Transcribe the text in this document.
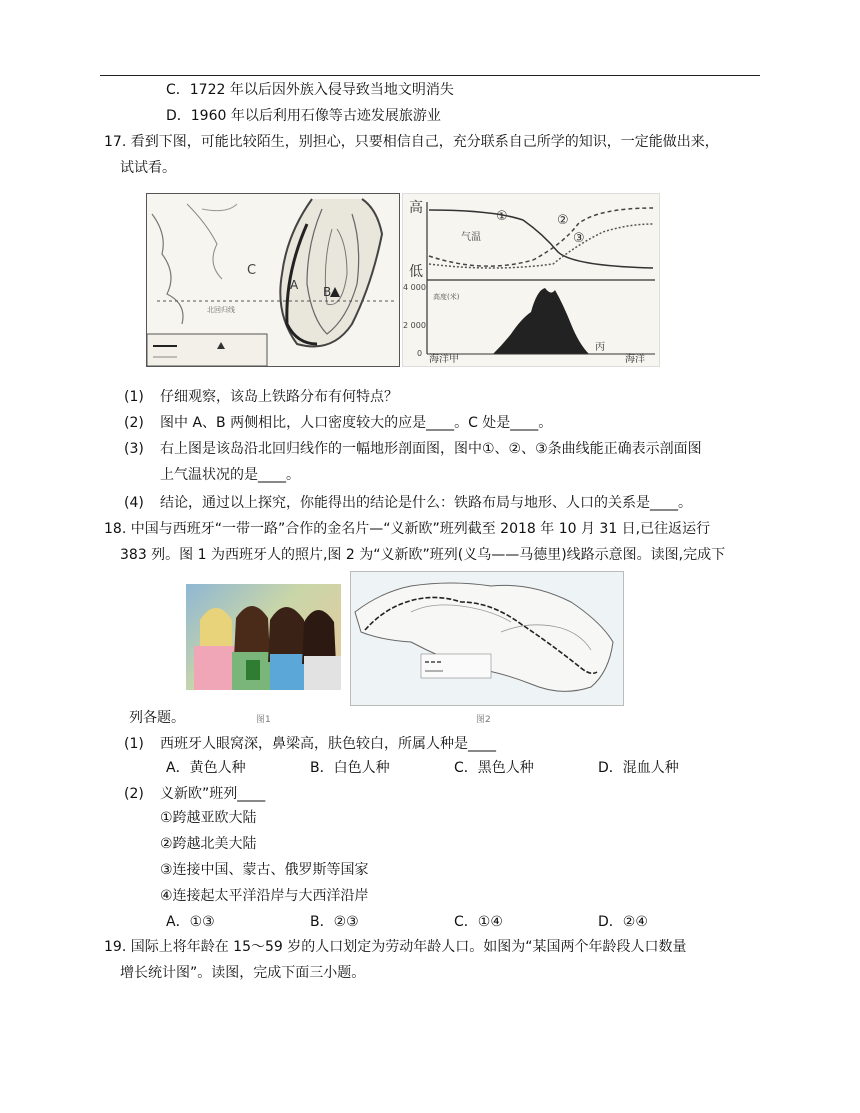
C．1722 年以后因外族入侵导致当地文明消失
D．1960 年以后利用石像等古迹发展旅游业
17. 看到下图，可能比较陌生，别担心，只要相信自己，充分联系自己所学的知识，一定能做出来，
试试看。
C
A B
北回归线
高
低
①	②
③
气温
4 000
2 000
0
高度(米)
海洋甲
丙
海洋
(1) 仔细观察，该岛上铁路分布有何特点？
(2) 图中 A、B 两侧相比，人口密度较大的应是____。C 处是____。
(3) 右上图是该岛沿北回归线作的一幅地形剖面图，图中①、②、③条曲线能正确表示剖面图
上气温状况的是____。
(4) 结论，通过以上探究，你能得出的结论是什么：铁路布局与地形、人口的关系是____。
18. 中国与西班牙“一带一路”合作的金名片—“义新欧”班列截至 2018 年 10 月 31 日,已往返运行
383 列。图 1 为西班牙人的照片,图 2 为“义新欧”班列(义乌——马德里)线路示意图。读图,完成下
列各题。	图1	图2
(1) 西班牙人眼窝深，鼻梁高，肤色较白，所属人种是____
A．黄色人种	B．白色人种	C．黑色人种	D．混血人种
(2) 义新欧”班列____
①跨越亚欧大陆
②跨越北美大陆
③连接中国、蒙古、俄罗斯等国家
④连接起太平洋沿岸与大西洋沿岸
A．①③	B．②③	C．①④	D．②④
19. 国际上将年龄在 15～59 岁的人口划定为劳动年龄人口。如图为“某国两个年龄段人口数量
增长统计图”。读图，完成下面三小题。
